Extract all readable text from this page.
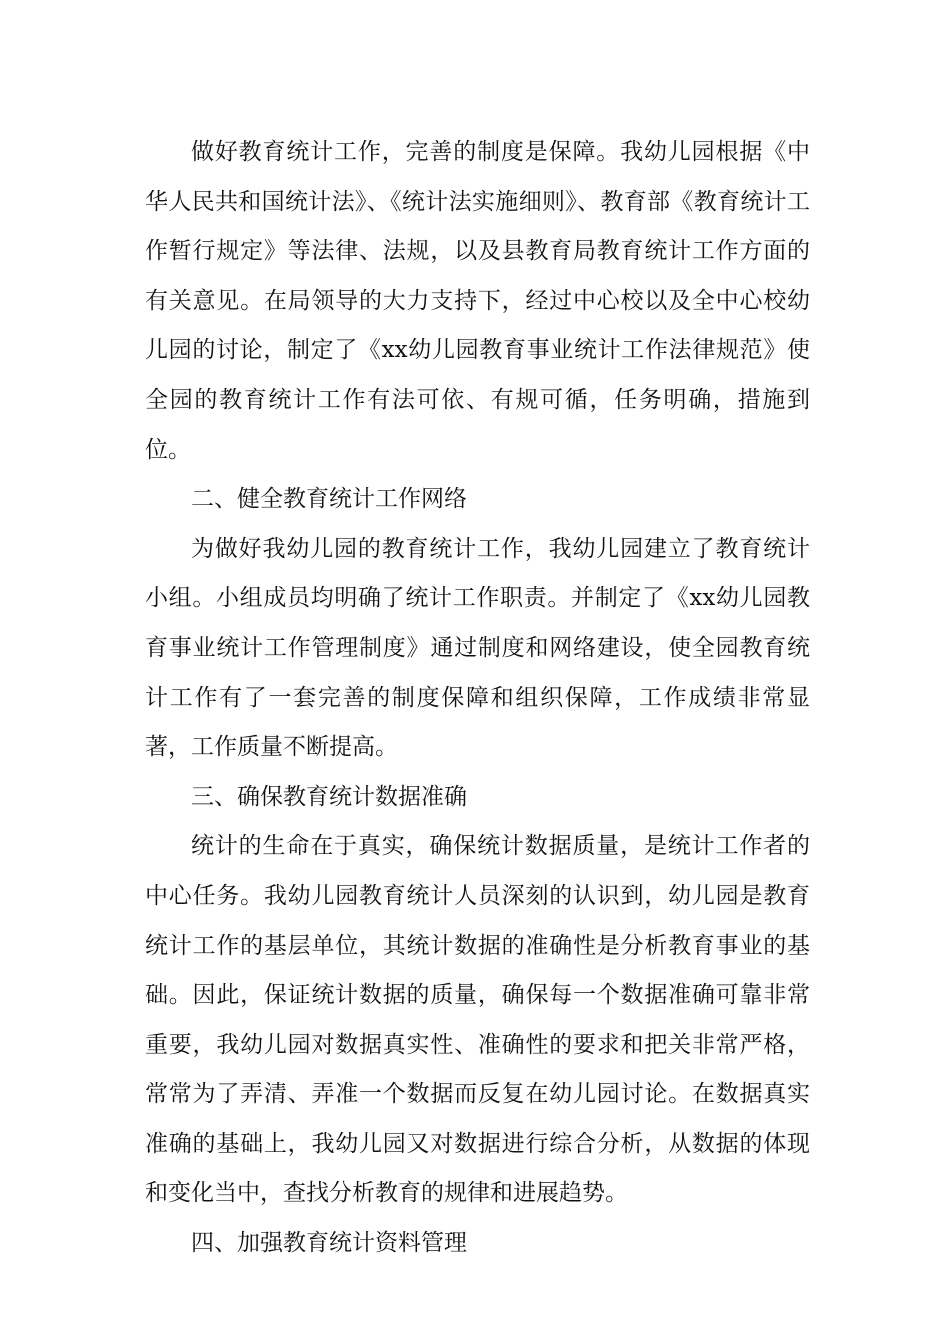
做好教育统计工作，完善的制度是保障。我幼儿园根据《中华人民共和国统计法》、《统计法实施细则》、教育部《教育统计工作暂行规定》等法律、法规，以及县教育局教育统计工作方面的有关意见。在局领导的大力支持下，经过中心校以及全中心校幼儿园的讨论，制定了《xx幼儿园教育事业统计工作法律规范》使全园的教育统计工作有法可依、有规可循，任务明确，措施到位。

二、健全教育统计工作网络

为做好我幼儿园的教育统计工作，我幼儿园建立了教育统计小组。小组成员均明确了统计工作职责。并制定了《xx幼儿园教育事业统计工作管理制度》通过制度和网络建设，使全园教育统计工作有了一套完善的制度保障和组织保障，工作成绩非常显著，工作质量不断提高。

三、确保教育统计数据准确

统计的生命在于真实，确保统计数据质量，是统计工作者的中心任务。我幼儿园教育统计人员深刻的认识到，幼儿园是教育统计工作的基层单位，其统计数据的准确性是分析教育事业的基础。因此，保证统计数据的质量，确保每一个数据准确可靠非常重要，我幼儿园对数据真实性、准确性的要求和把关非常严格，常常为了弄清、弄准一个数据而反复在幼儿园讨论。在数据真实准确的基础上，我幼儿园又对数据进行综合分析，从数据的体现和变化当中，查找分析教育的规律和进展趋势。

四、加强教育统计资料管理
